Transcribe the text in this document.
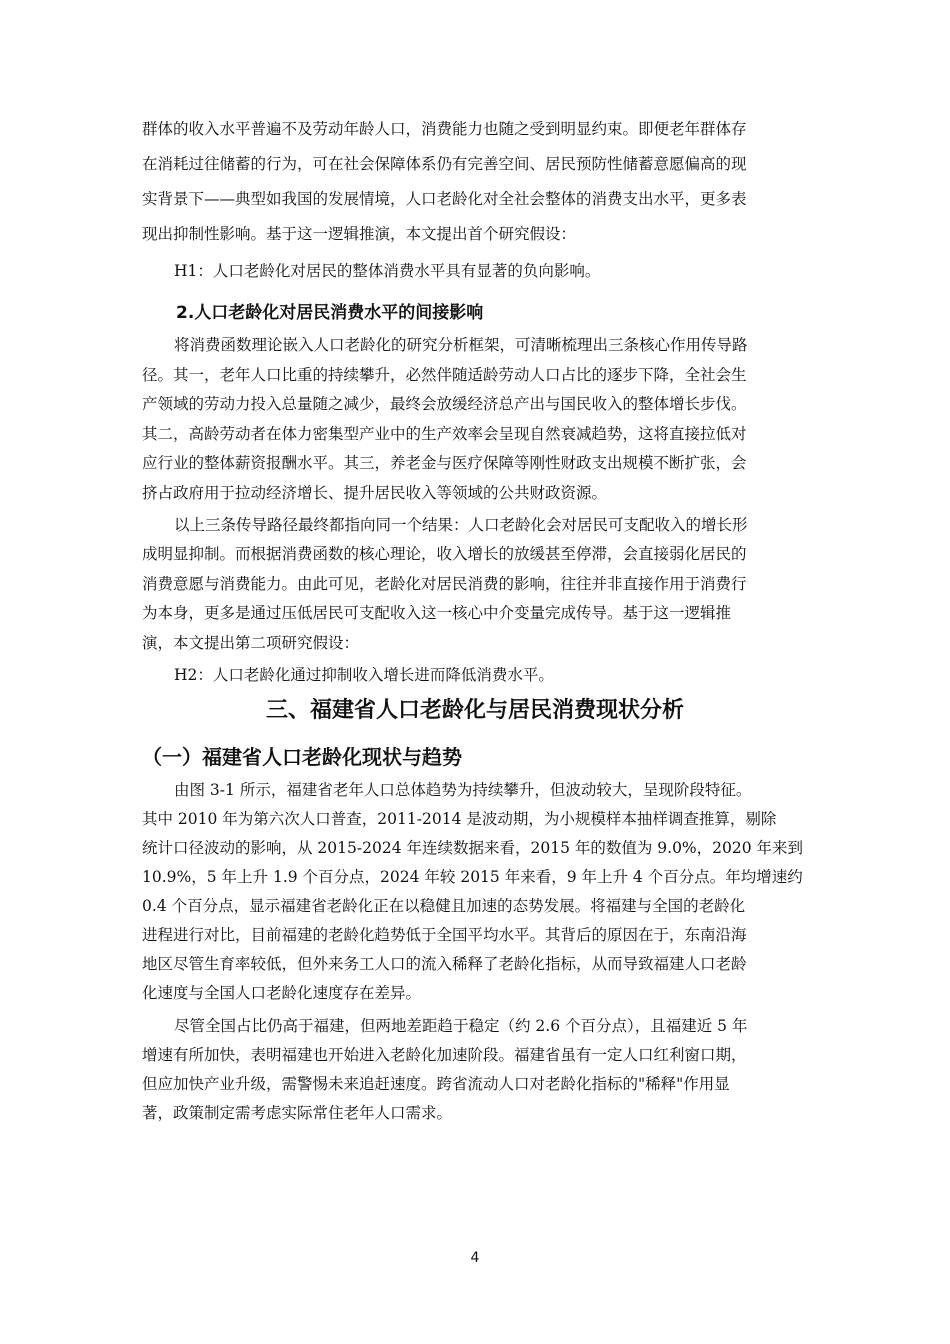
群体的收入水平普遍不及劳动年龄人口，消费能力也随之受到明显约束。即便老年群体存
在消耗过往储蓄的行为，可在社会保障体系仍有完善空间、居民预防性储蓄意愿偏高的现
实背景下——典型如我国的发展情境，人口老龄化对全社会整体的消费支出水平，更多表
现出抑制性影响。基于这一逻辑推演，本文提出首个研究假设：
H1：人口老龄化对居民的整体消费水平具有显著的负向影响。
2.人口老龄化对居民消费水平的间接影响
将消费函数理论嵌入人口老龄化的研究分析框架，可清晰梳理出三条核心作用传导路
径。其一，老年人口比重的持续攀升，必然伴随适龄劳动人口占比的逐步下降，全社会生
产领域的劳动力投入总量随之减少，最终会放缓经济总产出与国民收入的整体增长步伐。
其二，高龄劳动者在体力密集型产业中的生产效率会呈现自然衰减趋势，这将直接拉低对
应行业的整体薪资报酬水平。其三，养老金与医疗保障等刚性财政支出规模不断扩张，会
挤占政府用于拉动经济增长、提升居民收入等领域的公共财政资源。
以上三条传导路径最终都指向同一个结果：人口老龄化会对居民可支配收入的增长形
成明显抑制。而根据消费函数的核心理论，收入增长的放缓甚至停滞，会直接弱化居民的
消费意愿与消费能力。由此可见，老龄化对居民消费的影响，往往并非直接作用于消费行
为本身，更多是通过压低居民可支配收入这一核心中介变量完成传导。基于这一逻辑推
演，本文提出第二项研究假设：
H2：人口老龄化通过抑制收入增长进而降低消费水平。
三、福建省人口老龄化与居民消费现状分析
（一）福建省人口老龄化现状与趋势
由图 3-1 所示，福建省老年人口总体趋势为持续攀升，但波动较大，呈现阶段特征。
其中 2010 年为第六次人口普查，2011-2014 是波动期，为小规模样本抽样调查推算，剔除
统计口径波动的影响，从 2015-2024 年连续数据来看，2015 年的数值为 9.0%，2020 年来到
10.9%，5 年上升 1.9 个百分点，2024 年较 2015 年来看，9 年上升 4 个百分点。年均增速约
0.4 个百分点，显示福建省老龄化正在以稳健且加速的态势发展。将福建与全国的老龄化
进程进行对比，目前福建的老龄化趋势低于全国平均水平。其背后的原因在于，东南沿海
地区尽管生育率较低，但外来务工人口的流入稀释了老龄化指标，从而导致福建人口老龄
化速度与全国人口老龄化速度存在差异。
尽管全国占比仍高于福建，但两地差距趋于稳定（约 2.6 个百分点），且福建近 5 年
增速有所加快，表明福建也开始进入老龄化加速阶段。福建省虽有一定人口红利窗口期，
但应加快产业升级，需警惕未来追赶速度。跨省流动人口对老龄化指标的"稀释"作用显
著，政策制定需考虑实际常住老年人口需求。
4
